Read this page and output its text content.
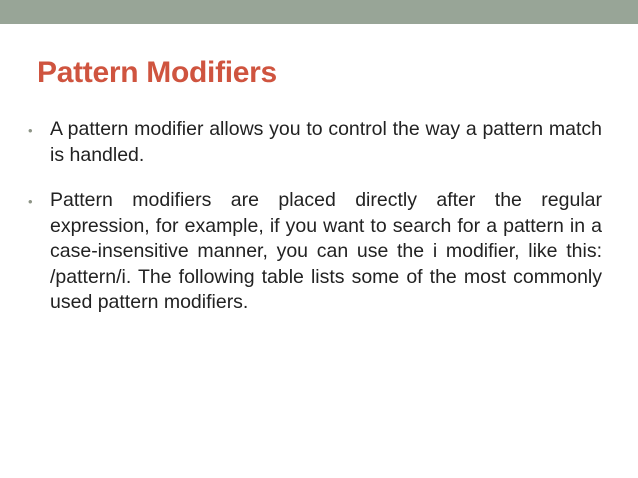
Pattern Modifiers
• A pattern modifier allows you to control the way a pattern match is handled.
• Pattern modifiers are placed directly after the regular expression, for example, if you want to search for a pattern in a case-insensitive manner, you can use the i modifier, like this: /pattern/i. The following table lists some of the most commonly used pattern modifiers.
